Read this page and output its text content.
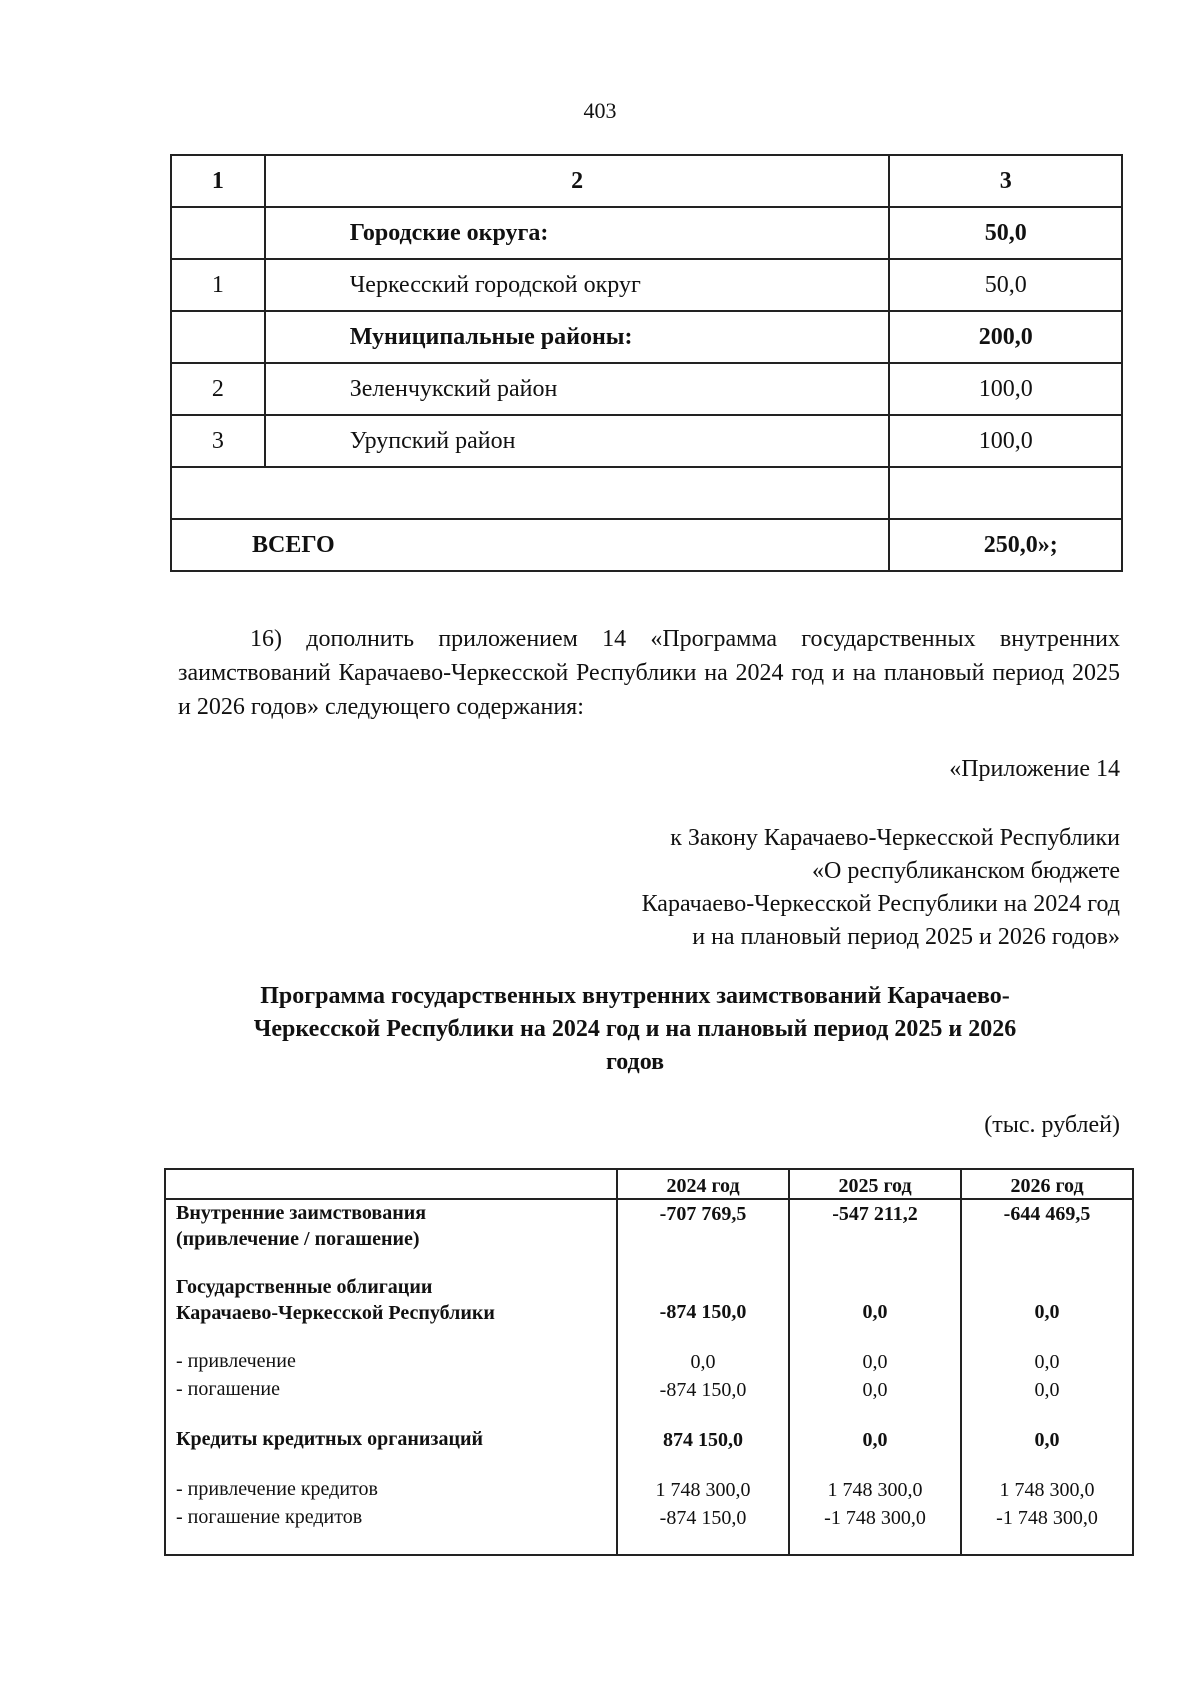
403
1	2	3
	Городские округа:	50,0
1	Черкесский городской округ	50,0
	Муниципальные районы:	200,0
2	Зеленчукский район	100,0
3	Урупский район	100,0

ВСЕГО		250,0»;
16) дополнить приложением 14 «Программа государственных внутренних заимствований Карачаево-Черкесской Республики на 2024 год и на плановый период 2025 и 2026 годов» следующего содержания:
«Приложение 14
к Закону Карачаево-Черкесской Республики
«О республиканском бюджете
Карачаево-Черкесской Республики на 2024 год
и на плановый период 2025 и 2026 годов»
Программа государственных внутренних заимствований Карачаево-
Черкесской Республики на 2024 год и на плановый период 2025 и 2026
годов
(тыс. рублей)
	2024 год	2025 год	2026 год

Внутренние заимствования
(привлечение / погашение)	-707 769,5	-547 211,2	-644 469,5

Государственные облигации
Карачаево-Черкесской Республики	-874 150,0	0,0	0,0

- привлечение	0,0	0,0	0,0
- погашение	-874 150,0	0,0	0,0

Кредиты кредитных организаций	874 150,0	0,0	0,0

- привлечение кредитов	1 748 300,0	1 748 300,0	1 748 300,0
- погашение кредитов	-874 150,0	-1 748 300,0	-1 748 300,0
